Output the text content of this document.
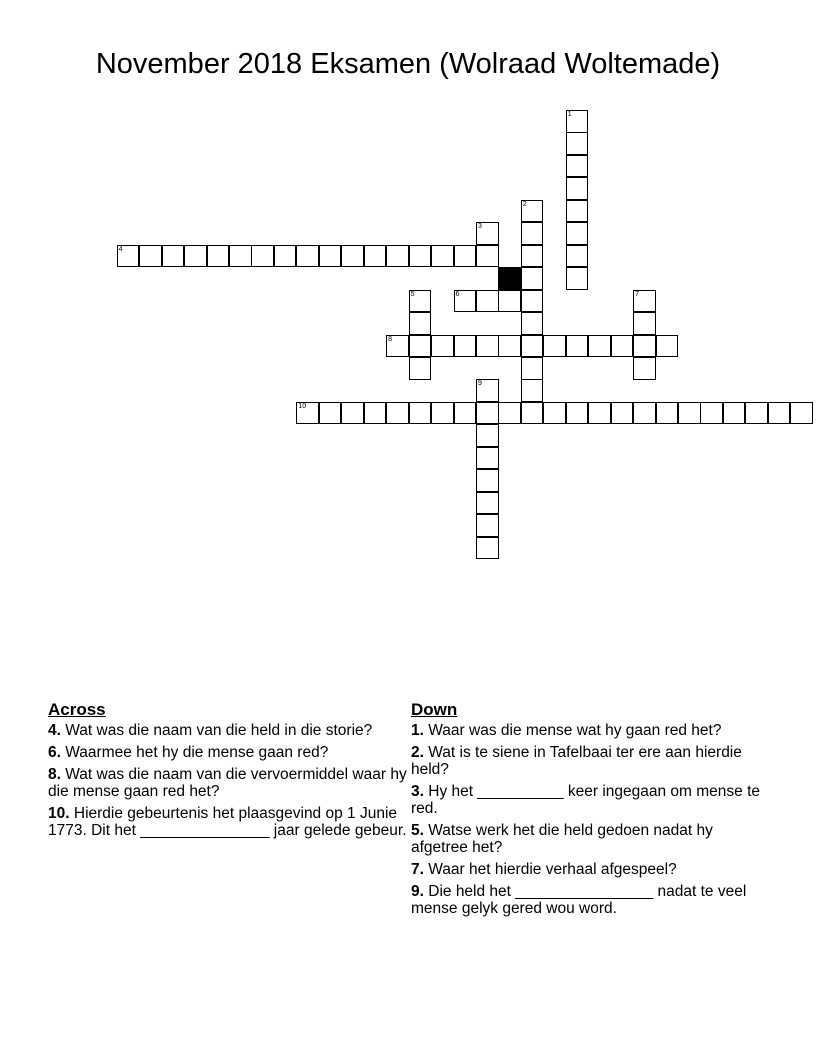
November 2018 Eksamen (Wolraad Woltemade)
1
2
3
4
5	6	7
8
9
10
Across
4. Wat was die naam van die held in die storie?
6. Waarmee het hy die mense gaan red?
8. Wat was die naam van die vervoermiddel waar hy die mense gaan red het?
10. Hierdie gebeurtenis het plaasgevind op 1 Junie 1773. Dit het _______________ jaar gelede gebeur.
Down
1. Waar was die mense wat hy gaan red het?
2. Wat is te siene in Tafelbaai ter ere aan hierdie held?
3. Hy het __________ keer ingegaan om mense te red.
5. Watse werk het die held gedoen nadat hy afgetree het?
7. Waar het hierdie verhaal afgespeel?
9. Die held het ________________ nadat te veel mense gelyk gered wou word.
